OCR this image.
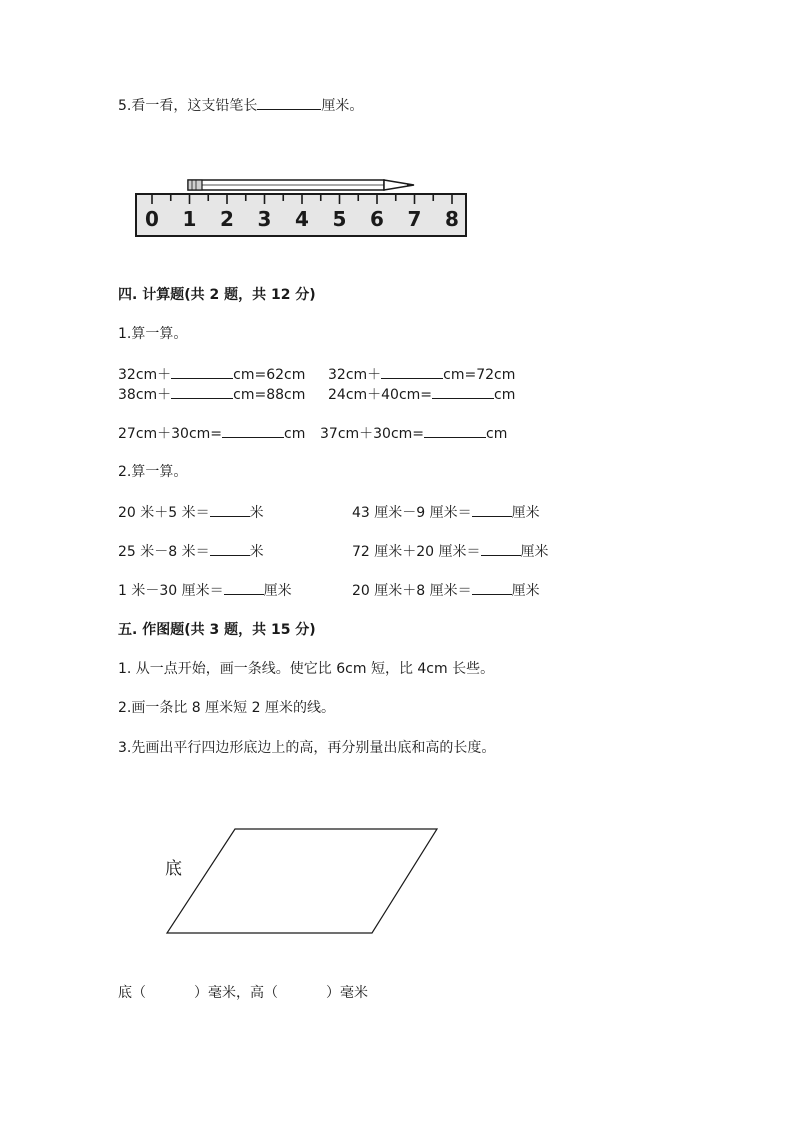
5.看一看，这支铅笔长	厘米。
0 1 2 3 4 5 6 7 8
四. 计算题(共 2 题，共 12 分)
1.算一算。
32cm＋	cm=62cm 32cm＋	cm=72cm
38cm＋	cm=88cm 24cm＋40cm=	cm
27cm＋30cm=	cm 37cm＋30cm=	cm
2.算一算。
20 米＋5 米＝	米	43 厘米－9 厘米＝	厘米
25 米－8 米＝	米	72 厘米＋20 厘米＝	厘米
1 米－30 厘米＝	厘米	20 厘米＋8 厘米＝	厘米
五. 作图题(共 3 题，共 15 分)
1. 从一点开始，画一条线。使它比 6cm 短，比 4cm 长些。
2.画一条比 8 厘米短 2 厘米的线。
3.先画出平行四边形底边上的高，再分别量出底和高的长度。
底
底（	）毫米，高（	）毫米
